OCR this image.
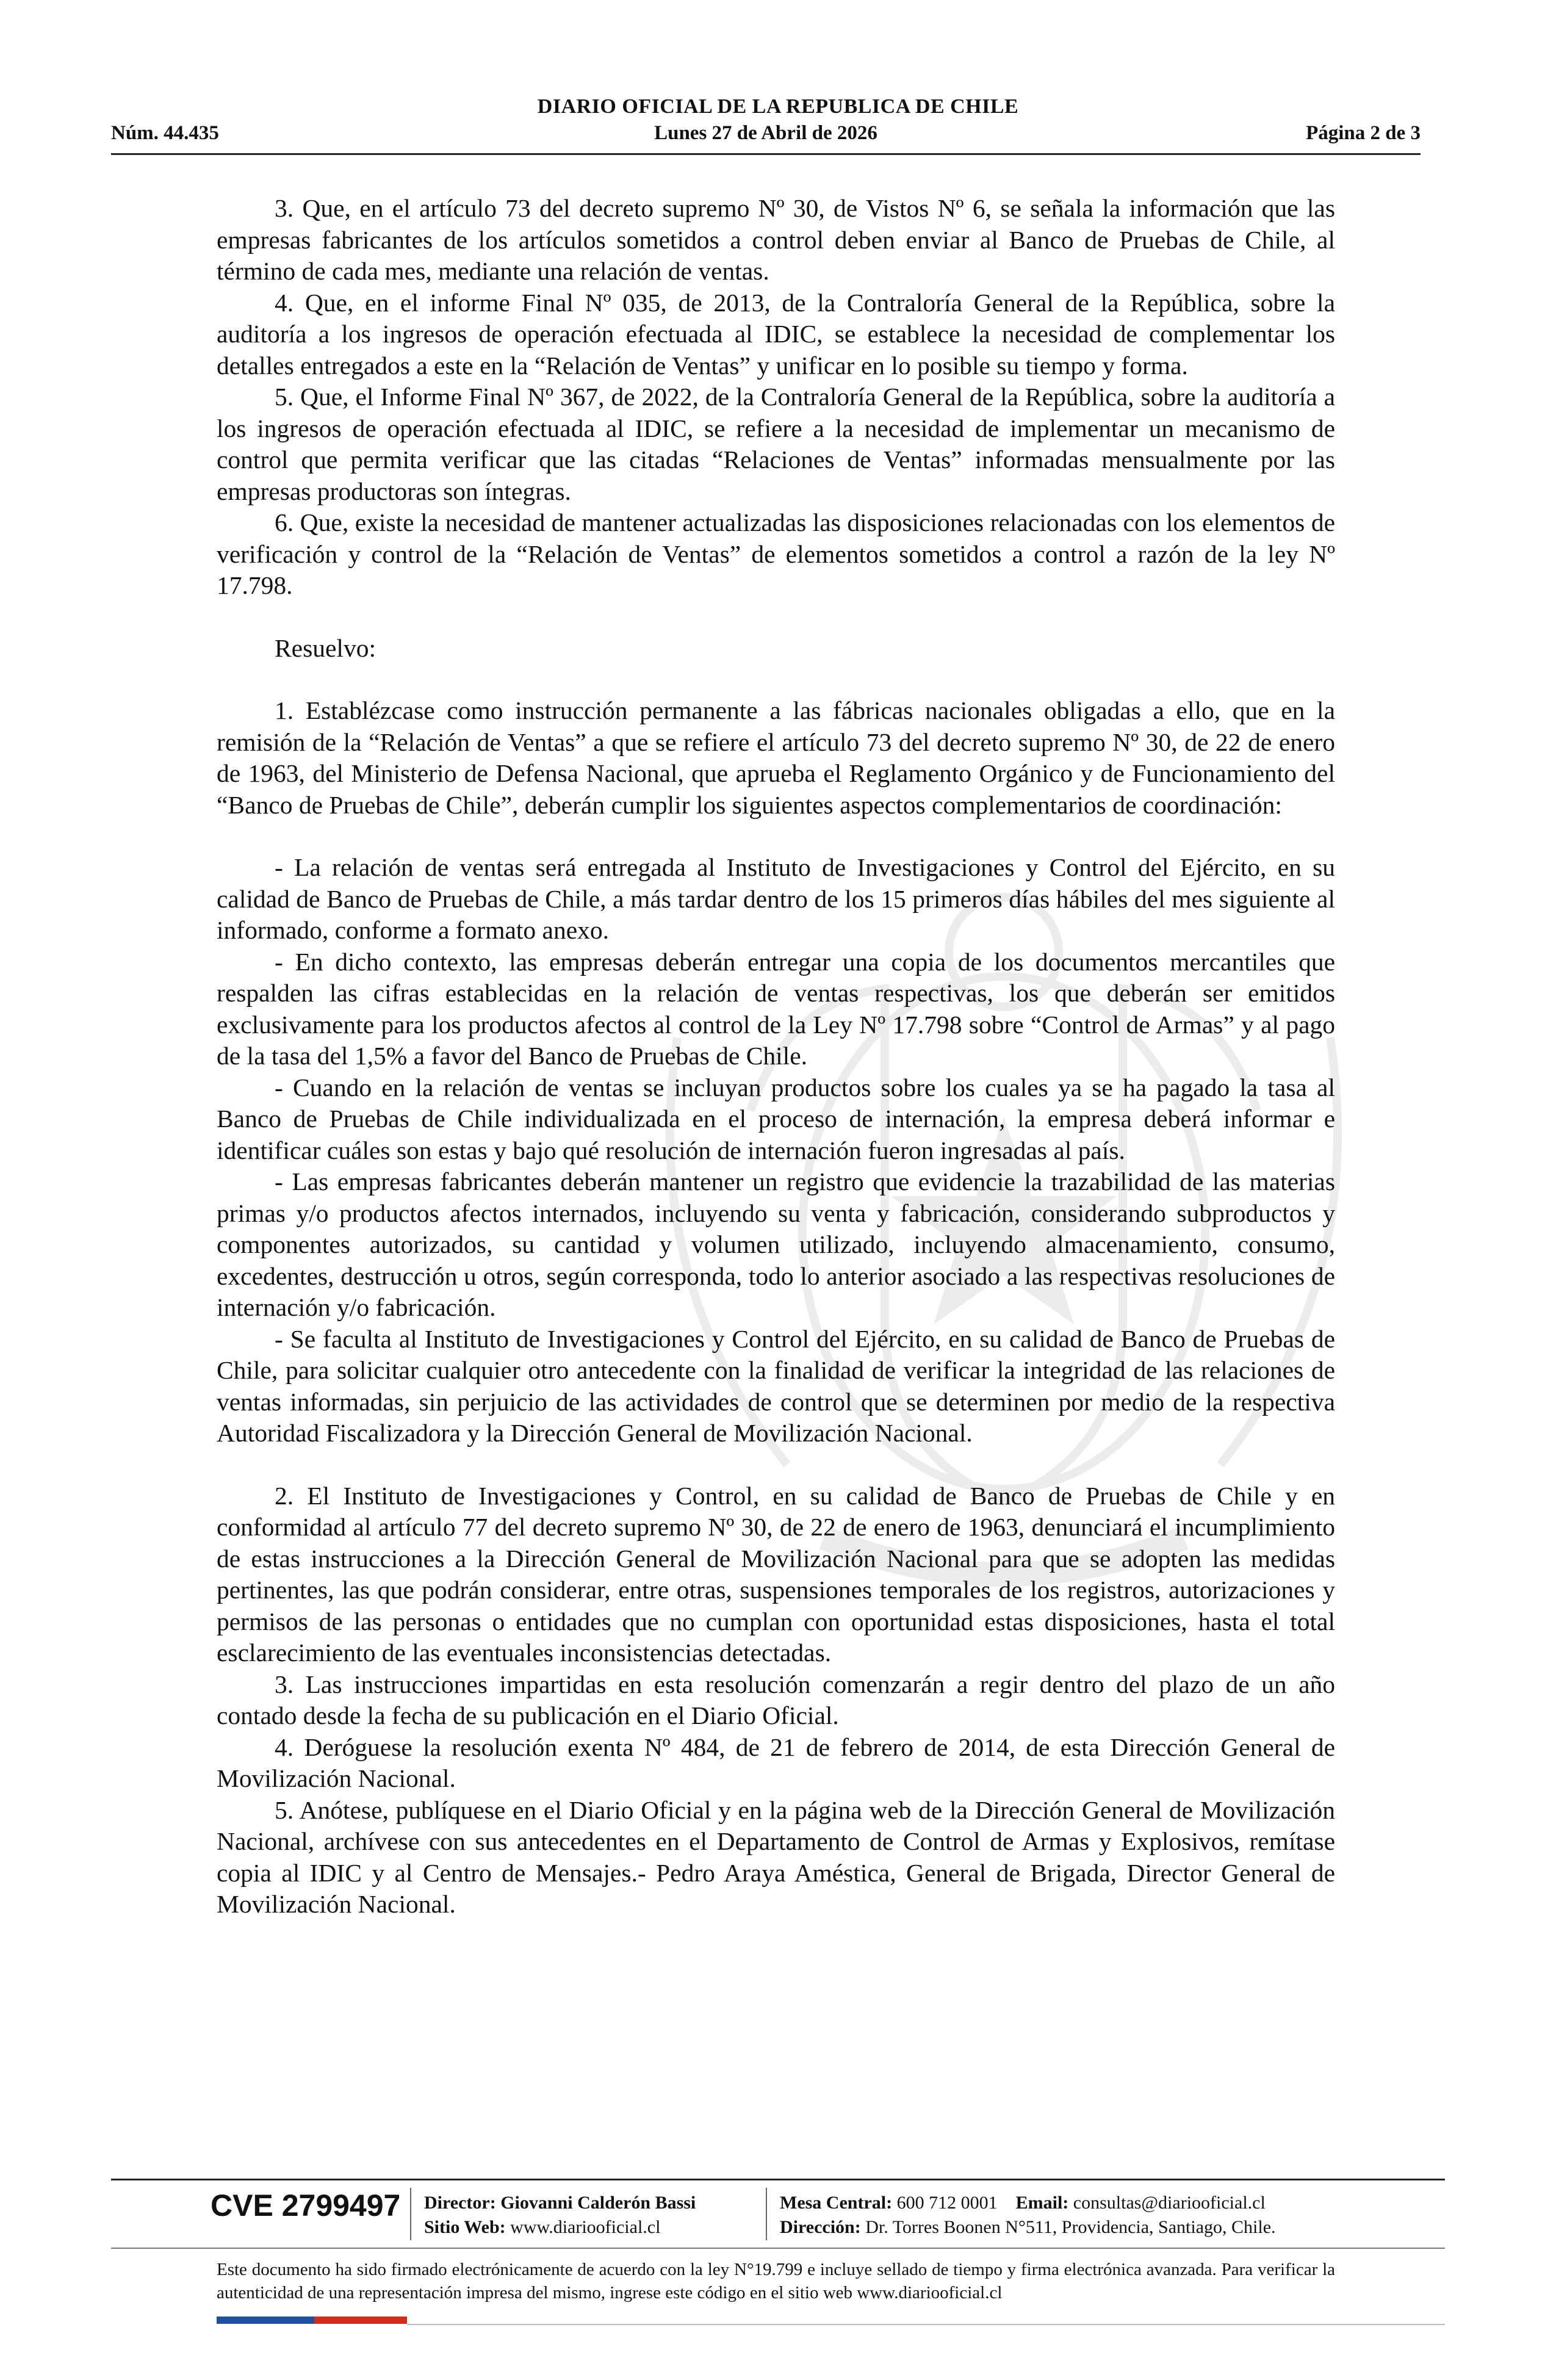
DIARIO OFICIAL DE LA REPUBLICA DE CHILE
Núm. 44.435	Lunes 27 de Abril de 2026	Página 2 de 3

3. Que, en el artículo 73 del decreto supremo Nº 30, de Vistos Nº 6, se señala la información que las empresas fabricantes de los artículos sometidos a control deben enviar al Banco de Pruebas de Chile, al término de cada mes, mediante una relación de ventas.

4. Que, en el informe Final Nº 035, de 2013, de la Contraloría General de la República, sobre la auditoría a los ingresos de operación efectuada al IDIC, se establece la necesidad de complementar los detalles entregados a este en la “Relación de Ventas” y unificar en lo posible su tiempo y forma.

5. Que, el Informe Final Nº 367, de 2022, de la Contraloría General de la República, sobre la auditoría a los ingresos de operación efectuada al IDIC, se refiere a la necesidad de implementar un mecanismo de control que permita verificar que las citadas “Relaciones de Ventas” informadas mensualmente por las empresas productoras son íntegras.

6. Que, existe la necesidad de mantener actualizadas las disposiciones relacionadas con los elementos de verificación y control de la “Relación de Ventas” de elementos sometidos a control a razón de la ley Nº 17.798.

Resuelvo:

1. Establézcase como instrucción permanente a las fábricas nacionales obligadas a ello, que en la remisión de la “Relación de Ventas” a que se refiere el artículo 73 del decreto supremo Nº 30, de 22 de enero de 1963, del Ministerio de Defensa Nacional, que aprueba el Reglamento Orgánico y de Funcionamiento del “Banco de Pruebas de Chile”, deberán cumplir los siguientes aspectos complementarios de coordinación:

- La relación de ventas será entregada al Instituto de Investigaciones y Control del Ejército, en su calidad de Banco de Pruebas de Chile, a más tardar dentro de los 15 primeros días hábiles del mes siguiente al informado, conforme a formato anexo.

- En dicho contexto, las empresas deberán entregar una copia de los documentos mercantiles que respalden las cifras establecidas en la relación de ventas respectivas, los que deberán ser emitidos exclusivamente para los productos afectos al control de la Ley Nº 17.798 sobre “Control de Armas” y al pago de la tasa del 1,5% a favor del Banco de Pruebas de Chile.

- Cuando en la relación de ventas se incluyan productos sobre los cuales ya se ha pagado la tasa al Banco de Pruebas de Chile individualizada en el proceso de internación, la empresa deberá informar e identificar cuáles son estas y bajo qué resolución de internación fueron ingresadas al país.

- Las empresas fabricantes deberán mantener un registro que evidencie la trazabilidad de las materias primas y/o productos afectos internados, incluyendo su venta y fabricación, considerando subproductos y componentes autorizados, su cantidad y volumen utilizado, incluyendo almacenamiento, consumo, excedentes, destrucción u otros, según corresponda, todo lo anterior asociado a las respectivas resoluciones de internación y/o fabricación.

- Se faculta al Instituto de Investigaciones y Control del Ejército, en su calidad de Banco de Pruebas de Chile, para solicitar cualquier otro antecedente con la finalidad de verificar la integridad de las relaciones de ventas informadas, sin perjuicio de las actividades de control que se determinen por medio de la respectiva Autoridad Fiscalizadora y la Dirección General de Movilización Nacional.

2. El Instituto de Investigaciones y Control, en su calidad de Banco de Pruebas de Chile y en conformidad al artículo 77 del decreto supremo Nº 30, de 22 de enero de 1963, denunciará el incumplimiento de estas instrucciones a la Dirección General de Movilización Nacional para que se adopten las medidas pertinentes, las que podrán considerar, entre otras, suspensiones temporales de los registros, autorizaciones y permisos de las personas o entidades que no cumplan con oportunidad estas disposiciones, hasta el total esclarecimiento de las eventuales inconsistencias detectadas.

3. Las instrucciones impartidas en esta resolución comenzarán a regir dentro del plazo de un año contado desde la fecha de su publicación en el Diario Oficial.

4. Deróguese la resolución exenta Nº 484, de 21 de febrero de 2014, de esta Dirección General de Movilización Nacional.

5. Anótese, publíquese en el Diario Oficial y en la página web de la Dirección General de Movilización Nacional, archívese con sus antecedentes en el Departamento de Control de Armas y Explosivos, remítase copia al IDIC y al Centro de Mensajes.- Pedro Araya Améstica, General de Brigada, Director General de Movilización Nacional.

CVE 2799497 Director: Giovanni Calderón Bassi
Sitio Web: www.diariooficial.cl
Mesa Central: 600 712 0001 Email: consultas@diariooficial.cl
Dirección: Dr. Torres Boonen N°511, Providencia, Santiago, Chile.
Este documento ha sido firmado electrónicamente de acuerdo con la ley N°19.799 e incluye sellado de tiempo y firma electrónica avanzada. Para verificar la autenticidad de una representación impresa del mismo, ingrese este código en el sitio web www.diariooficial.cl
